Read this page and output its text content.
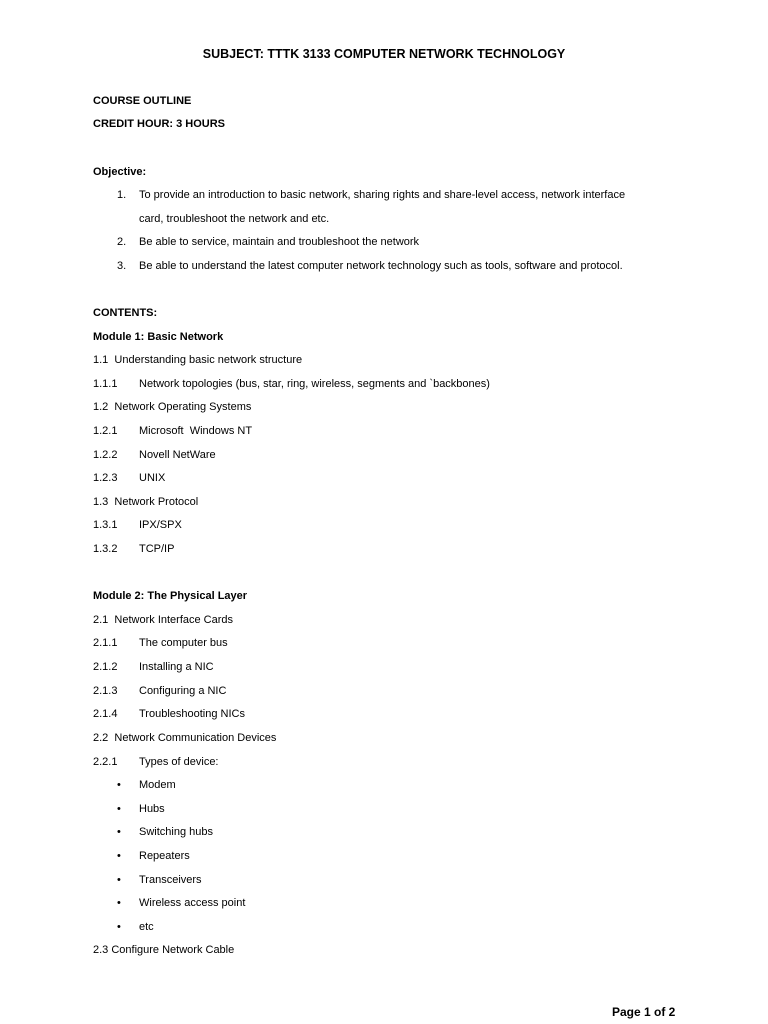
SUBJECT: TTTK 3133 COMPUTER NETWORK TECHNOLOGY
COURSE OUTLINE
CREDIT HOUR: 3 HOURS
Objective:
1. To provide an introduction to basic network, sharing rights and share-level access, network interface
card, troubleshoot the network and etc.
2. Be able to service, maintain and troubleshoot the network
3. Be able to understand the latest computer network technology such as tools, software and protocol.
CONTENTS:
Module 1: Basic Network
1.1 Understanding basic network structure
1.1.1 Network topologies (bus, star, ring, wireless, segments and `backbones)
1.2 Network Operating Systems
1.2.1 Microsoft  Windows NT
1.2.2 Novell NetWare
1.2.3 UNIX
1.3 Network Protocol
1.3.1 IPX/SPX
1.3.2 TCP/IP
Module 2: The Physical Layer
2.1 Network Interface Cards
2.1.1 The computer bus
2.1.2 Installing a NIC
2.1.3 Configuring a NIC
2.1.4 Troubleshooting NICs
2.2 Network Communication Devices
2.2.1 Types of device:
• Modem
• Hubs
• Switching hubs
• Repeaters
• Transceivers
• Wireless access point
• etc
2.3 Configure Network Cable
Page 1 of 2
